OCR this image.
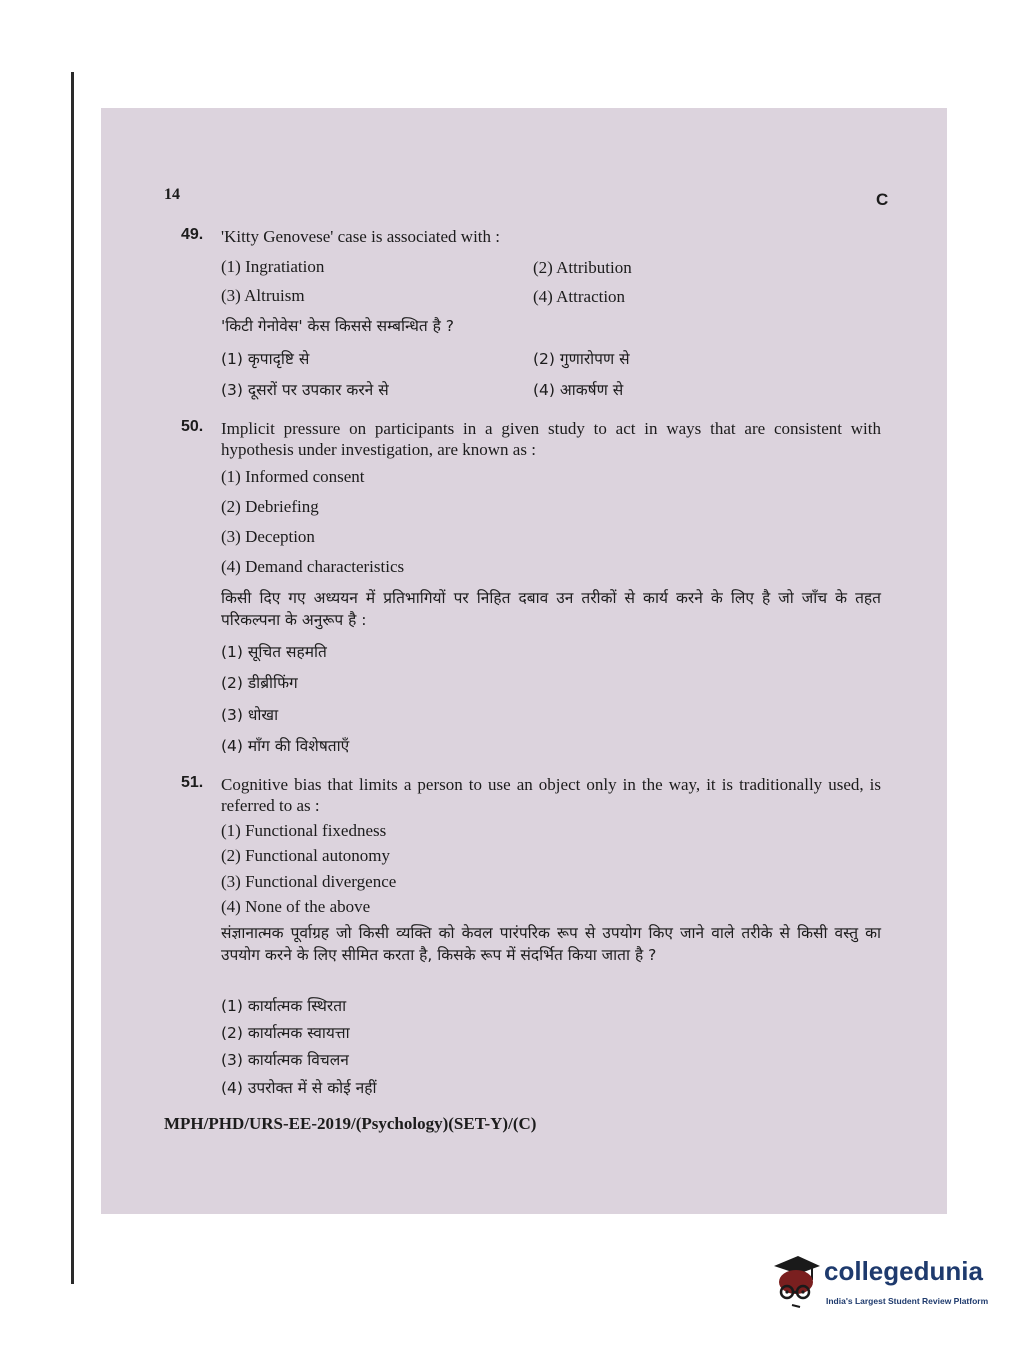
14	C
49. 'Kitty Genovese' case is associated with :
(1) Ingratiation	(2) Attribution
(3) Altruism	(4) Attraction
'किटी गेनोवेस' केस किससे सम्बन्धित है ?
(1) कृपादृष्टि से	(2) गुणारोपण से
(3) दूसरों पर उपकार करने से	(4) आकर्षण से
50. Implicit pressure on participants in a given study to act in ways that are consistent with hypothesis under investigation, are known as :
(1) Informed consent
(2) Debriefing
(3) Deception
(4) Demand characteristics
किसी दिए गए अध्ययन में प्रतिभागियों पर निहित दबाव उन तरीकों से कार्य करने के लिए है जो जाँच के तहत परिकल्पना के अनुरूप है :
(1) सूचित सहमति
(2) डीब्रीफिंग
(3) धोखा
(4) माँग की विशेषताएँ
51. Cognitive bias that limits a person to use an object only in the way, it is traditionally used, is referred to as :
(1) Functional fixedness
(2) Functional autonomy
(3) Functional divergence
(4) None of the above
संज्ञानात्मक पूर्वाग्रह जो किसी व्यक्ति को केवल पारंपरिक रूप से उपयोग किए जाने वाले तरीके से किसी वस्तु का उपयोग करने के लिए सीमित करता है, किसके रूप में संदर्भित किया जाता है ?
(1) कार्यात्मक स्थिरता
(2) कार्यात्मक स्वायत्ता
(3) कार्यात्मक विचलन
(4) उपरोक्त में से कोई नहीं
MPH/PHD/URS-EE-2019/(Psychology)(SET-Y)/(C)
collegedunia
India's Largest Student Review Platform
